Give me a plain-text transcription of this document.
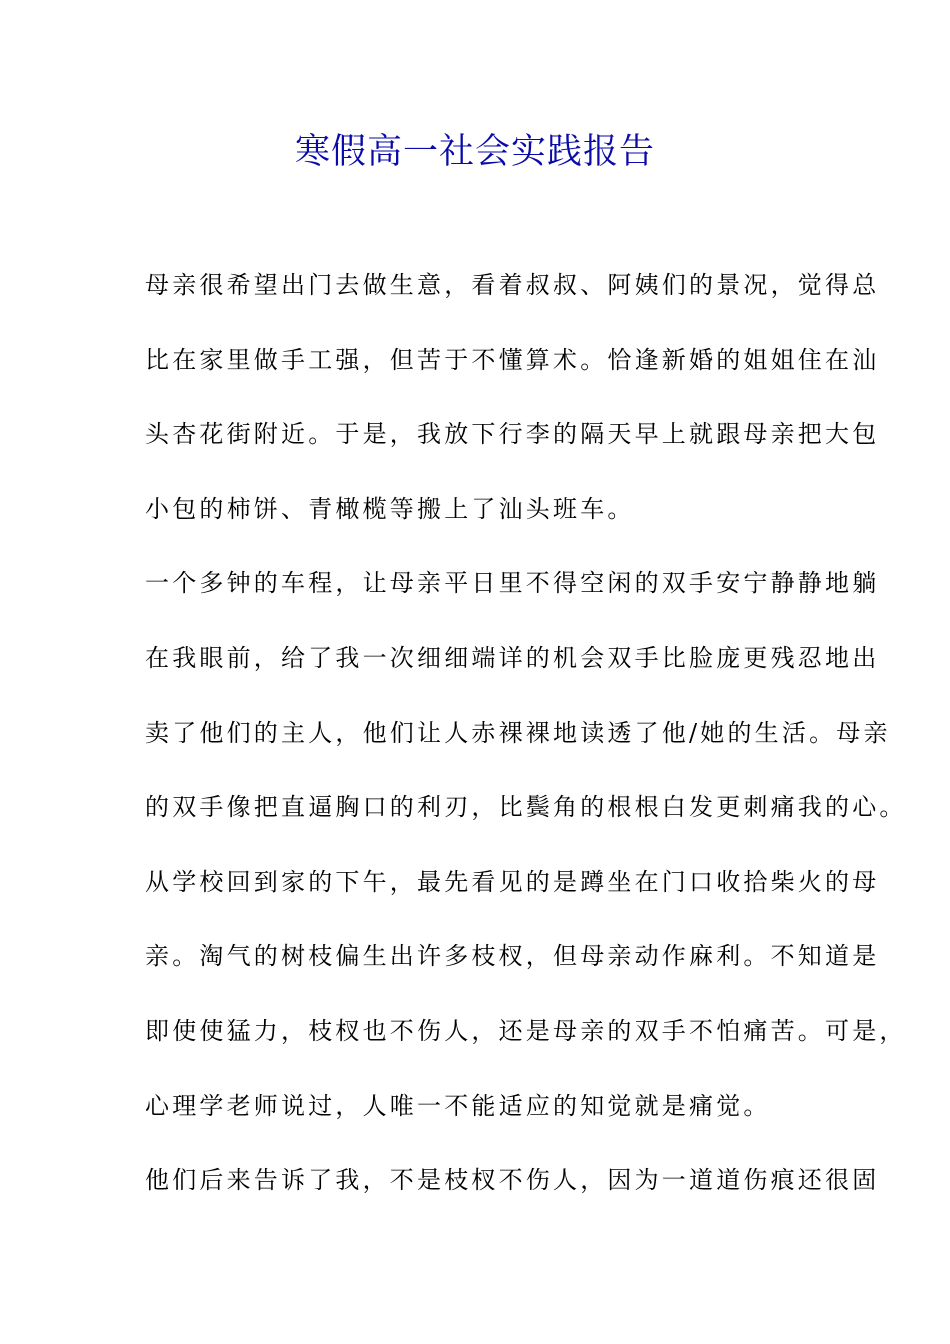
寒假高一社会实践报告
母亲很希望出门去做生意，看着叔叔、阿姨们的景况，觉得总
比在家里做手工强，但苦于不懂算术。恰逢新婚的姐姐住在汕
头杏花街附近。于是，我放下行李的隔天早上就跟母亲把大包
小包的柿饼、青橄榄等搬上了汕头班车。
一个多钟的车程，让母亲平日里不得空闲的双手安宁静静地躺
在我眼前，给了我一次细细端详的机会双手比脸庞更残忍地出
卖了他们的主人，他们让人赤裸裸地读透了他/她的生活。母亲
的双手像把直逼胸口的利刃，比鬓角的根根白发更刺痛我的心。
从学校回到家的下午，最先看见的是蹲坐在门口收拾柴火的母
亲。淘气的树枝偏生出许多枝杈，但母亲动作麻利。不知道是
即使使猛力，枝杈也不伤人，还是母亲的双手不怕痛苦。可是，
心理学老师说过，人唯一不能适应的知觉就是痛觉。
他们后来告诉了我，不是枝杈不伤人，因为一道道伤痕还很固
